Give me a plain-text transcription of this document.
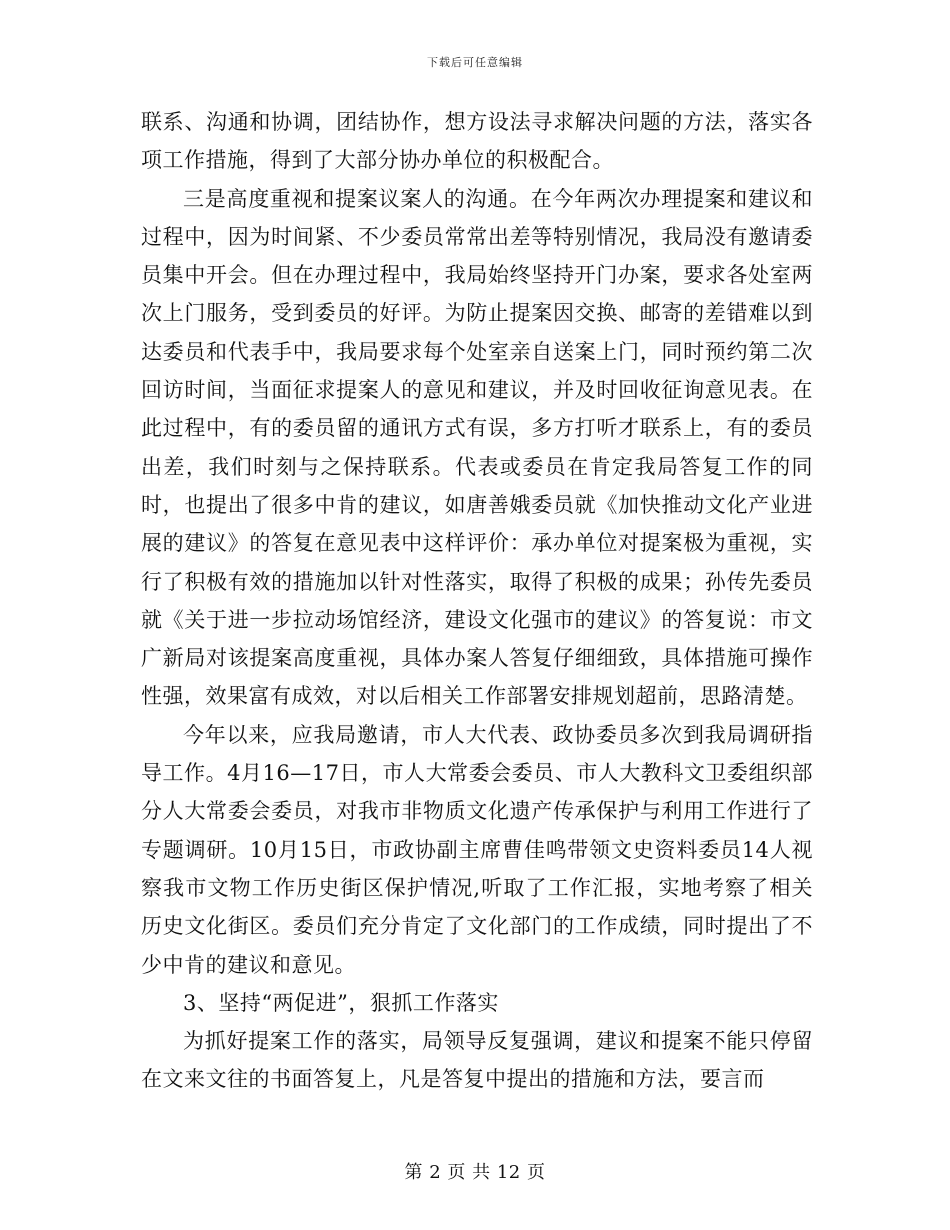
下载后可任意编辑

联系、沟通和协调，团结协作，想方设法寻求解决问题的方法，落实各项工作措施，得到了大部分协办单位的积极配合。

三是高度重视和提案议案人的沟通。在今年两次办理提案和建议和过程中，因为时间紧、不少委员常常出差等特别情况，我局没有邀请委员集中开会。但在办理过程中，我局始终坚持开门办案，要求各处室两次上门服务，受到委员的好评。为防止提案因交换、邮寄的差错难以到达委员和代表手中，我局要求每个处室亲自送案上门，同时预约第二次回访时间，当面征求提案人的意见和建议，并及时回收征询意见表。在此过程中，有的委员留的通讯方式有误，多方打听才联系上，有的委员出差，我们时刻与之保持联系。代表或委员在肯定我局答复工作的同时，也提出了很多中肯的建议，如唐善娥委员就《加快推动文化产业进展的建议》的答复在意见表中这样评价：承办单位对提案极为重视，实行了积极有效的措施加以针对性落实，取得了积极的成果；孙传先委员就《关于进一步拉动场馆经济，建设文化强市的建议》的答复说：市文广新局对该提案高度重视，具体办案人答复仔细细致，具体措施可操作性强，效果富有成效，对以后相关工作部署安排规划超前，思路清楚。

今年以来，应我局邀请，市人大代表、政协委员多次到我局调研指导工作。4月16—17日，市人大常委会委员、市人大教科文卫委组织部分人大常委会委员，对我市非物质文化遗产传承保护与利用工作进行了专题调研。10月15日，市政协副主席曹佳鸣带领文史资料委员14人视察我市文物工作历史街区保护情况,听取了工作汇报，实地考察了相关历史文化街区。委员们充分肯定了文化部门的工作成绩，同时提出了不少中肯的建议和意见。

3、坚持“两促进”，狠抓工作落实

为抓好提案工作的落实，局领导反复强调，建议和提案不能只停留在文来文往的书面答复上，凡是答复中提出的措施和方法，要言而

第 2 页 共 12 页
